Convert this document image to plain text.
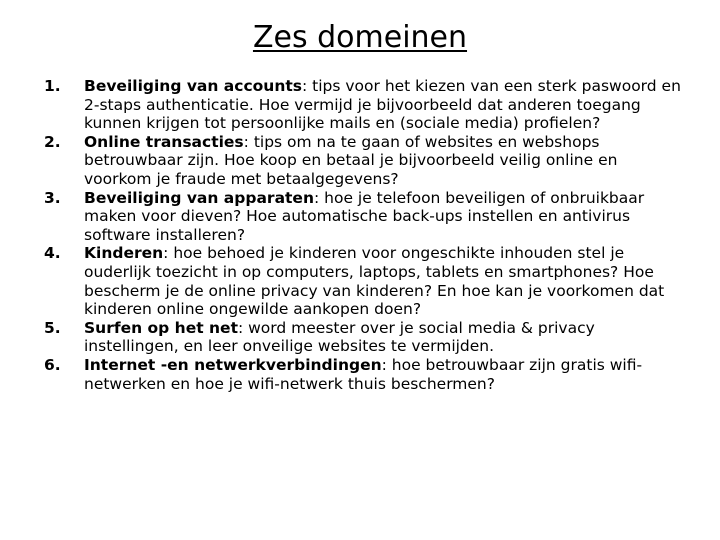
Zes domeinen
1. Beveiliging van accounts: tips voor het kiezen van een sterk paswoord en 2-staps authenticatie. Hoe vermijd je bijvoorbeeld dat anderen toegang kunnen krijgen tot persoonlijke mails en (sociale media) profielen?
2. Online transacties: tips om na te gaan of websites en webshops betrouwbaar zijn. Hoe koop en betaal je bijvoorbeeld veilig online en voorkom je fraude met betaalgegevens?
3. Beveiliging van apparaten: hoe je telefoon beveiligen of onbruikbaar maken voor dieven? Hoe automatische back-ups instellen en antivirus software installeren?
4. Kinderen: hoe behoed je kinderen voor ongeschikte inhouden stel je ouderlijk toezicht in op computers, laptops, tablets en smartphones? Hoe bescherm je de online privacy van kinderen? En hoe kan je voorkomen dat kinderen online ongewilde aankopen doen?
5. Surfen op het net: word meester over je social media & privacy instellingen, en leer onveilige websites te vermijden.
6. Internet -en netwerkverbindingen: hoe betrouwbaar zijn gratis wifi-netwerken en hoe je wifi-netwerk thuis beschermen?
